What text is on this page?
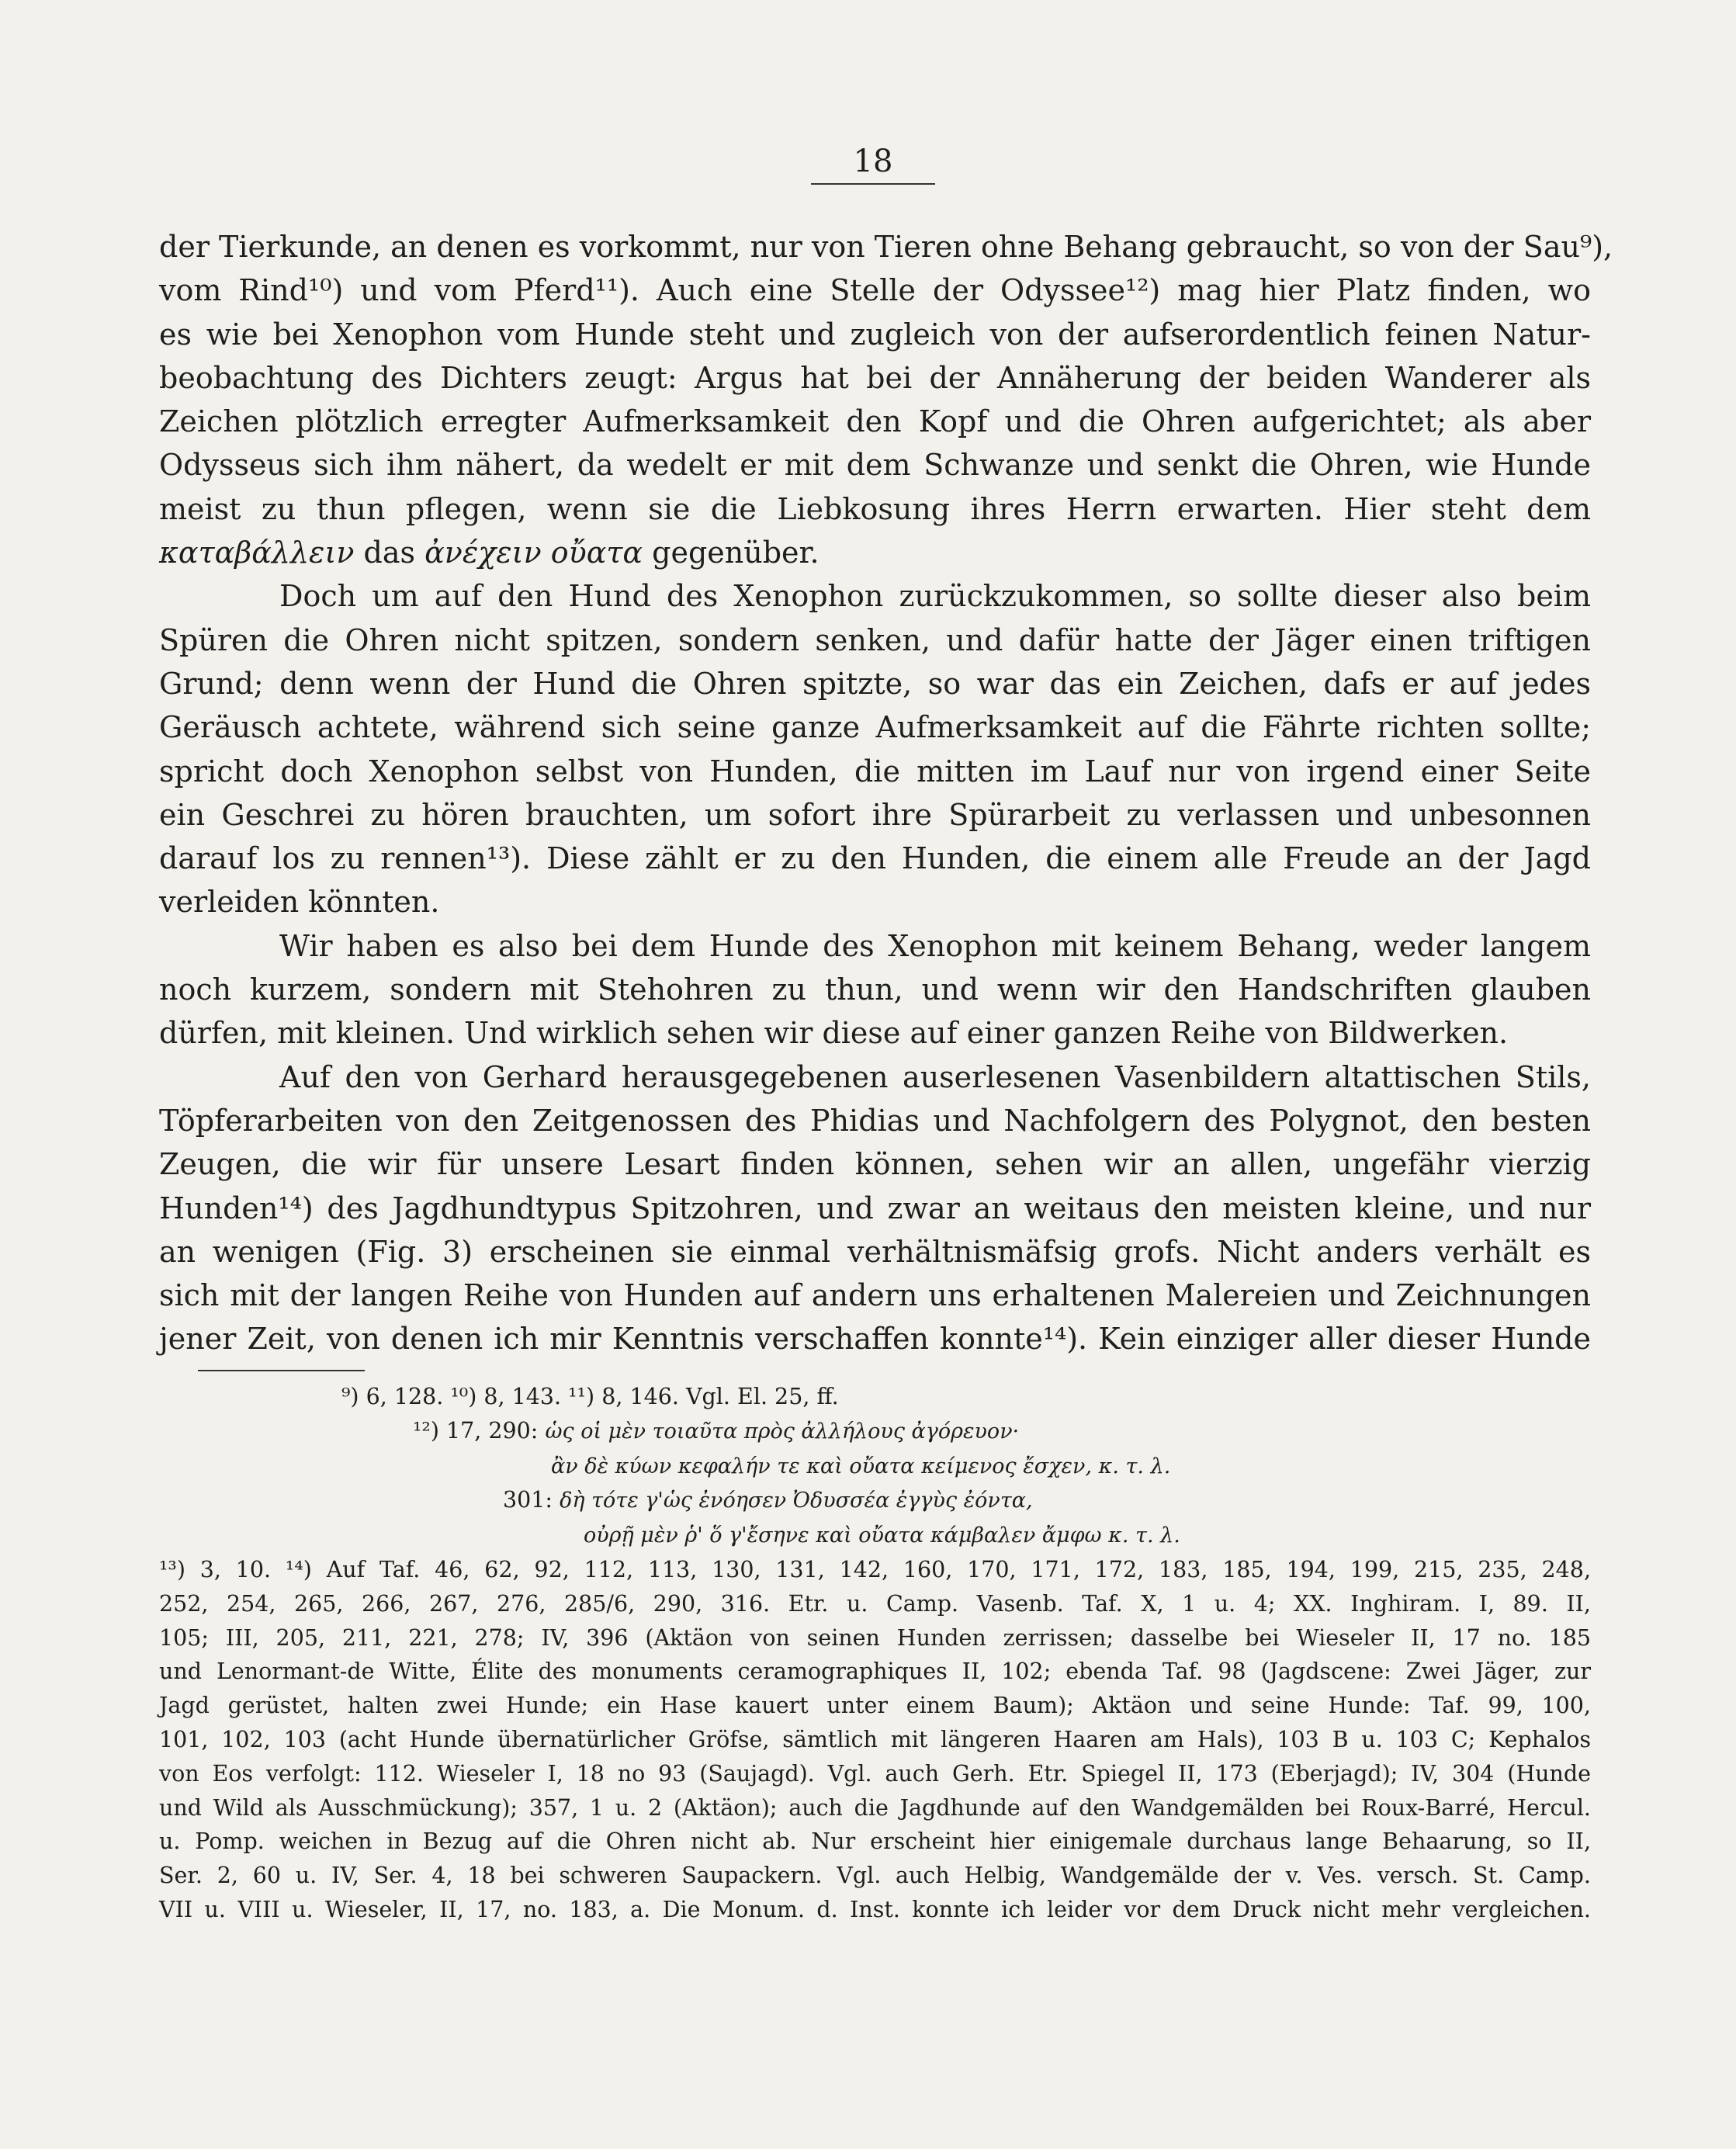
18
der Tierkunde, an denen es vorkommt, nur von Tieren ohne Behang gebraucht, so von der Sau⁹),
vom Rind¹⁰) und vom Pferd¹¹). Auch eine Stelle der Odyssee¹²) mag hier Platz finden, wo
es wie bei Xenophon vom Hunde steht und zugleich von der aufserordentlich feinen Natur-
beobachtung des Dichters zeugt: Argus hat bei der Annäherung der beiden Wanderer als
Zeichen plötzlich erregter Aufmerksamkeit den Kopf und die Ohren aufgerichtet; als aber
Odysseus sich ihm nähert, da wedelt er mit dem Schwanze und senkt die Ohren, wie Hunde
meist zu thun pflegen, wenn sie die Liebkosung ihres Herrn erwarten. Hier steht dem
καταβάλλειν das ἀνέχειν οὔατα gegenüber.
Doch um auf den Hund des Xenophon zurückzukommen, so sollte dieser also beim
Spüren die Ohren nicht spitzen, sondern senken, und dafür hatte der Jäger einen triftigen
Grund; denn wenn der Hund die Ohren spitzte, so war das ein Zeichen, dafs er auf jedes
Geräusch achtete, während sich seine ganze Aufmerksamkeit auf die Fährte richten sollte;
spricht doch Xenophon selbst von Hunden, die mitten im Lauf nur von irgend einer Seite
ein Geschrei zu hören brauchten, um sofort ihre Spürarbeit zu verlassen und unbesonnen
darauf los zu rennen¹³). Diese zählt er zu den Hunden, die einem alle Freude an der Jagd
verleiden könnten.
Wir haben es also bei dem Hunde des Xenophon mit keinem Behang, weder langem
noch kurzem, sondern mit Stehohren zu thun, und wenn wir den Handschriften glauben
dürfen, mit kleinen. Und wirklich sehen wir diese auf einer ganzen Reihe von Bildwerken.
Auf den von Gerhard herausgegebenen auserlesenen Vasenbildern altattischen Stils,
Töpferarbeiten von den Zeitgenossen des Phidias und Nachfolgern des Polygnot, den besten
Zeugen, die wir für unsere Lesart finden können, sehen wir an allen, ungefähr vierzig
Hunden¹⁴) des Jagdhundtypus Spitzohren, und zwar an weitaus den meisten kleine, und nur
an wenigen (Fig. 3) erscheinen sie einmal verhältnismäfsig grofs. Nicht anders verhält es
sich mit der langen Reihe von Hunden auf andern uns erhaltenen Malereien und Zeichnungen
jener Zeit, von denen ich mir Kenntnis verschaffen konnte¹⁴). Kein einziger aller dieser Hunde
⁹) 6, 128. ¹⁰) 8, 143. ¹¹) 8, 146. Vgl. El. 25, ff.
¹²) 17, 290: ὡς οἱ μὲν τοιαῦτα πρὸς ἀλλήλους ἀγόρευον·
ἂν δὲ κύων κεφαλήν τε καὶ οὔατα κείμενος ἔσχεν, κ. τ. λ.
301: δὴ τότε γ'ὡς ἐνόησεν Ὀδυσσέα ἐγγὺς ἐόντα,
οὐρῇ μὲν ῥ' ὅ γ'ἔσηνε καὶ οὔατα κάμβαλεν ἄμφω κ. τ. λ.
¹³) 3, 10. ¹⁴) Auf Taf. 46, 62, 92, 112, 113, 130, 131, 142, 160, 170, 171, 172, 183, 185, 194, 199, 215, 235, 248,
252, 254, 265, 266, 267, 276, 285/6, 290, 316. Etr. u. Camp. Vasenb. Taf. X, 1 u. 4; XX. Inghiram. I, 89. II,
105; III, 205, 211, 221, 278; IV, 396 (Aktäon von seinen Hunden zerrissen; dasselbe bei Wieseler II, 17 no. 185
und Lenormant-de Witte, Élite des monuments ceramographiques II, 102; ebenda Taf. 98 (Jagdscene: Zwei Jäger, zur
Jagd gerüstet, halten zwei Hunde; ein Hase kauert unter einem Baum); Aktäon und seine Hunde: Taf. 99, 100,
101, 102, 103 (acht Hunde übernatürlicher Gröfse, sämtlich mit längeren Haaren am Hals), 103 B u. 103 C; Kephalos
von Eos verfolgt: 112. Wieseler I, 18 no 93 (Saujagd). Vgl. auch Gerh. Etr. Spiegel II, 173 (Eberjagd); IV, 304 (Hunde
und Wild als Ausschmückung); 357, 1 u. 2 (Aktäon); auch die Jagdhunde auf den Wandgemälden bei Roux-Barré, Hercul.
u. Pomp. weichen in Bezug auf die Ohren nicht ab. Nur erscheint hier einigemale durchaus lange Behaarung, so II,
Ser. 2, 60 u. IV, Ser. 4, 18 bei schweren Saupackern. Vgl. auch Helbig, Wandgemälde der v. Ves. versch. St. Camp.
VII u. VIII u. Wieseler, II, 17, no. 183, a. Die Monum. d. Inst. konnte ich leider vor dem Druck nicht mehr vergleichen.
